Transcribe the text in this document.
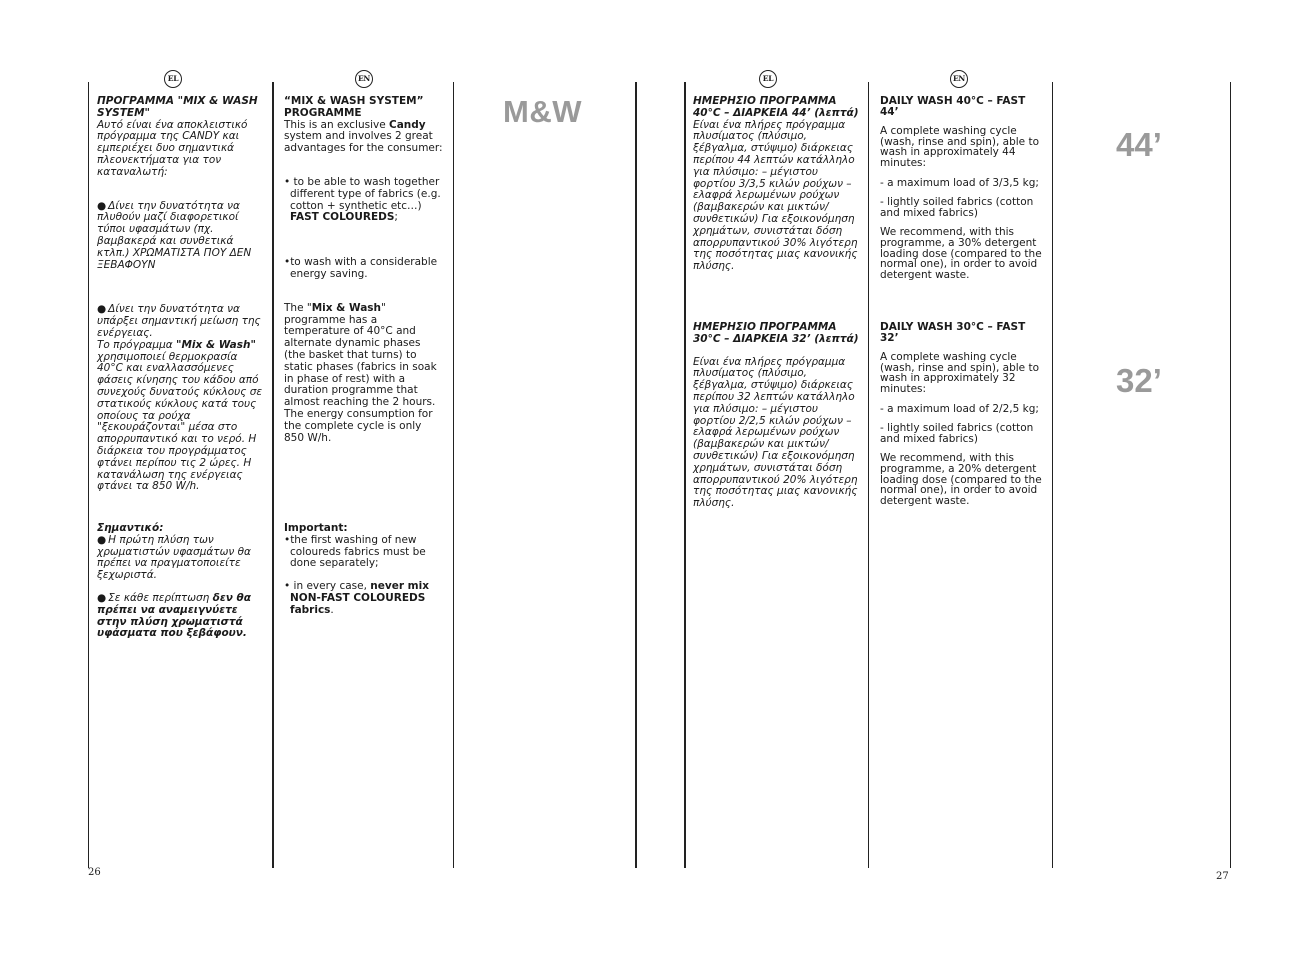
EL	EN	EL	EN

ΠΡΟΓΡΑΜΜΑ "MIX & WASH SYSTEM"

Αυτό είναι ένα αποκλειστικό πρόγραμμα της CANDY και εμπεριέχει δυο σημαντικά πλεονεκτήματα για τον καταναλωτή:

● Δίνει την δυνατότητα να πλυθούν μαζί διαφορετικοί τύποι υφασμάτων (πχ. βαμβακερά και συνθετικά κτλπ.) ΧΡΩΜΑΤΙΣΤΑ ΠΟΥ ΔΕΝ ΞΕΒΑΦΟΥΝ

● Δίνει την δυνατότητα να υπάρξει σημαντική μείωση της ενέργειας.

Το πρόγραμμα "Mix & Wash" χρησιμοποιεί θερμοκρασία 40°C και εναλλασσόμενες φάσεις κίνησης του κάδου από συνεχούς δυνατούς κύκλους σε στατικούς κύκλους κατά τους οποίους τα ρούχα "ξεκουράζονται" μέσα στο απορρυπαντικό και το νερό. Η διάρκεια του προγράμματος φτάνει περίπου τις 2 ώρες. Η κατανάλωση της ενέργειας φτάνει τα 850 W/h.

Σημαντικό:

● Η πρώτη πλύση των χρωματιστών υφασμάτων θα πρέπει να πραγματοποιείτε ξεχωριστά.

● Σε κάθε περίπτωση δεν θα πρέπει να αναμειγνύετε στην πλύση χρωματιστά υφάσματα που ξεβάφουν.

“MIX & WASH SYSTEM”

PROGRAMME

This is an exclusive Candy system and involves 2 great advantages for the consumer:

• to be able to wash together different type of fabrics (e.g. cotton + synthetic etc…) FAST COLOUREDS;

•to wash with a considerable energy saving.

The "Mix & Wash" programme has a temperature of 40°C and alternate dynamic phases (the basket that turns) to static phases (fabrics in soak in phase of rest) with a duration programme that almost reaching the 2 hours. The energy consumption for the complete cycle is only 850 W/h.

Important:

•the first washing of new coloureds fabrics must be done separately;

• in every case, never mix
NON-FAST COLOUREDS fabrics.

M&W
26

ΗΜΕΡΗΣΙΟ ΠΡΟΓΡΑΜΜΑ 40°C – ΔΙΑΡΚΕΙΑ 44’ (λεπτά)

Είναι ένα πλήρες πρόγραμμα πλυσίματος (πλύσιμο, ξέβγαλμα, στύψιμο) διάρκειας περίπου 44 λεπτών κατάλληλο για πλύσιμο: – μέγιστου φορτίου 3/3,5 κιλών ρούχων – ελαφρά λερωμένων ρούχων (βαμβακερών και μικτών/συνθετικών) Για εξοικονόμηση χρημάτων, συνιστάται δόση απορρυπαντικού 30% λιγότερη της ποσότητας μιας κανονικής πλύσης.

ΗΜΕΡΗΣΙΟ ΠΡΟΓΡΑΜΜΑ 30°C – ΔΙΑΡΚΕΙΑ 32’ (λεπτά)

Είναι ένα πλήρες πρόγραμμα πλυσίματος (πλύσιμο, ξέβγαλμα, στύψιμο) διάρκειας περίπου 32 λεπτών κατάλληλο για πλύσιμο: – μέγιστου φορτίου 2/2,5 κιλών ρούχων – ελαφρά λερωμένων ρούχων (βαμβακερών και μικτών/συνθετικών) Για εξοικονόμηση χρημάτων, συνιστάται δόση απορρυπαντικού 20% λιγότερη της ποσότητας μιας κανονικής πλύσης.

DAILY WASH 40°C – FAST 44’

A complete washing cycle (wash, rinse and spin), able to wash in approximately 44 minutes:

- a maximum load of 3/3,5 kg;

- lightly soiled fabrics (cotton and mixed fabrics)

We recommend, with this programme, a 30% detergent loading dose (compared to the normal one), in order to avoid detergent waste.

DAILY WASH 30°C – FAST 32’

A complete washing cycle (wash, rinse and spin), able to wash in approximately 32 minutes:

- a maximum load of 2/2,5 kg;

- lightly soiled fabrics (cotton and mixed fabrics)

We recommend, with this programme, a 20% detergent loading dose (compared to the normal one), in order to avoid detergent waste.

44’
32’
27
